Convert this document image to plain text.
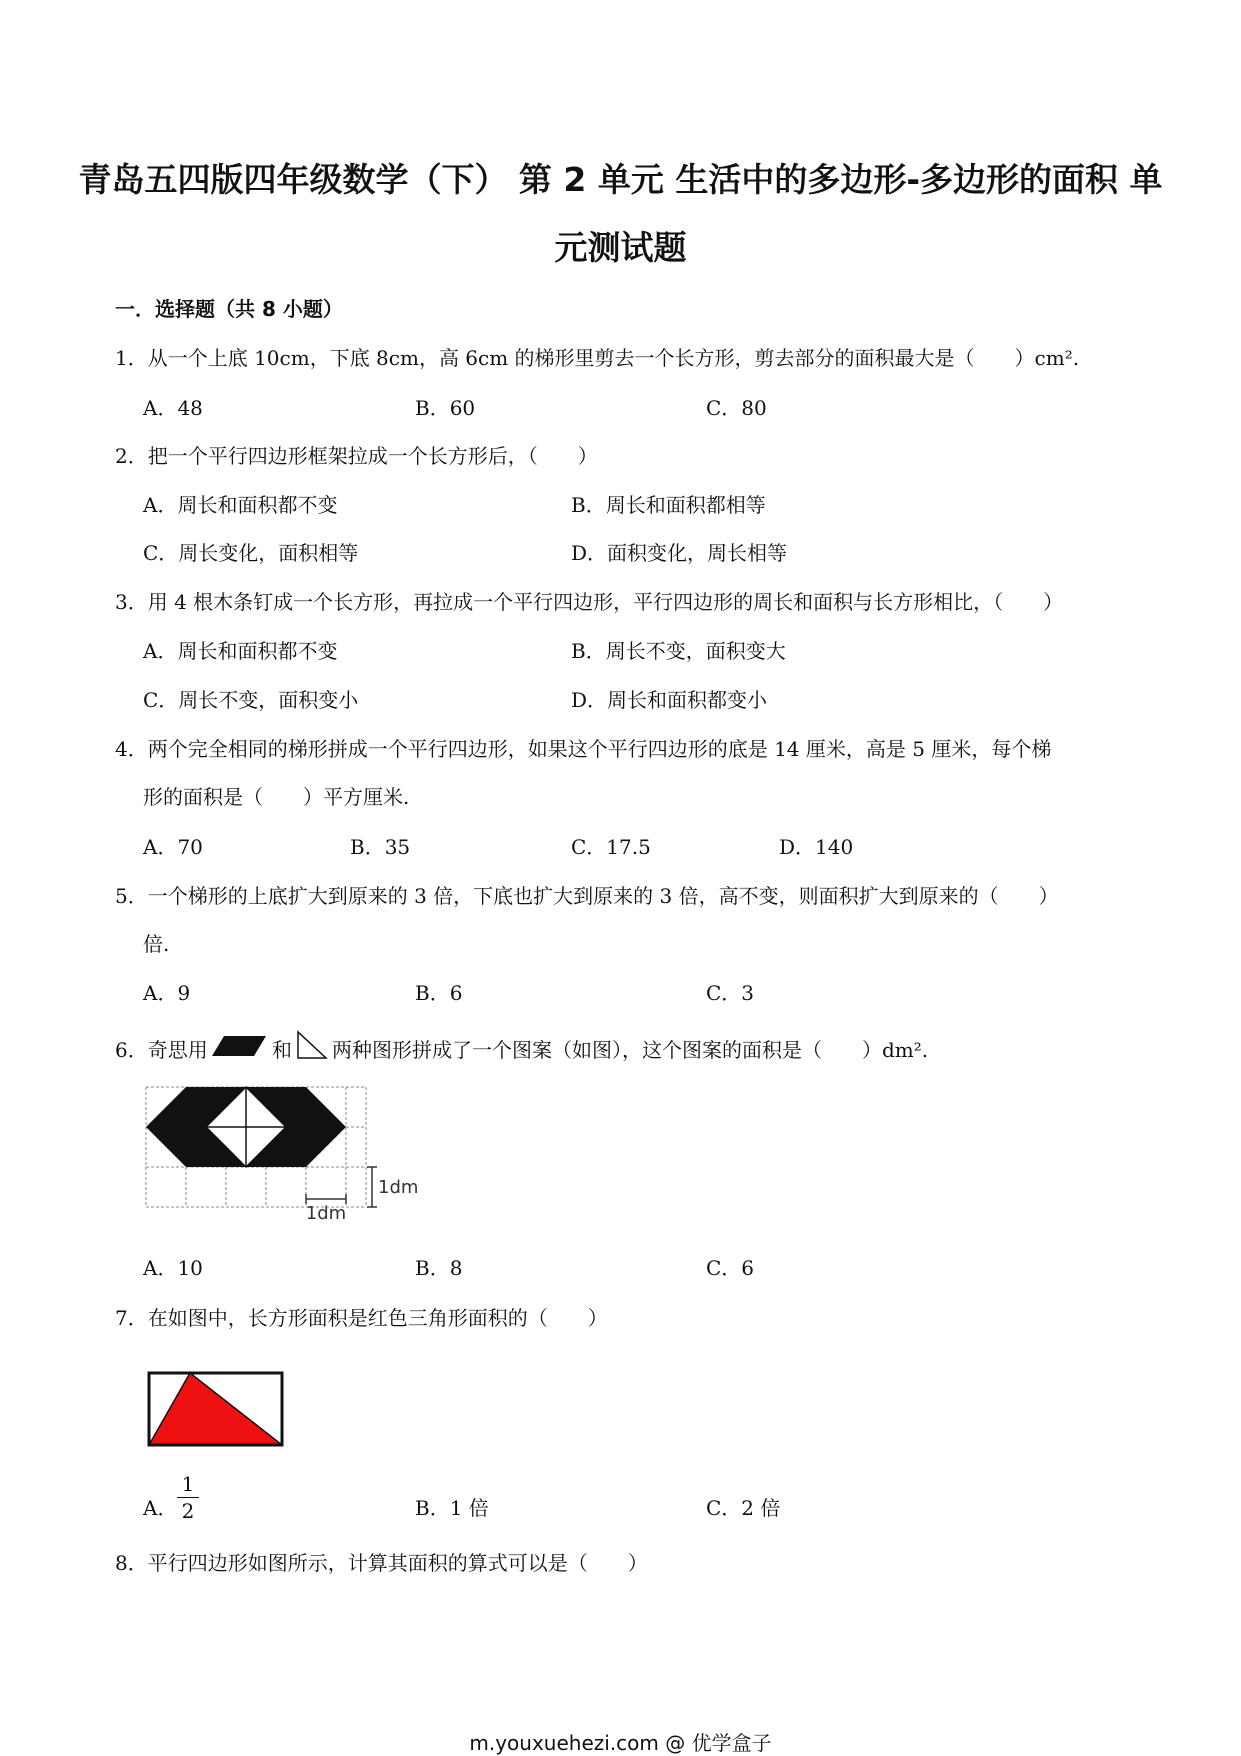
青岛五四版四年级数学（下） 第 2 单元 生活中的多边形-多边形的面积 单
元测试题
一．选择题（共 8 小题）
1．从一个上底 10cm，下底 8cm，高 6cm 的梯形里剪去一个长方形，剪去部分的面积最大是（　　）cm².
A．48	B．60	C．80
2．把一个平行四边形框架拉成一个长方形后，（　　）
A．周长和面积都不变	B．周长和面积都相等
C．周长变化，面积相等	D．面积变化，周长相等
3．用 4 根木条钉成一个长方形，再拉成一个平行四边形，平行四边形的周长和面积与长方形相比，（　　）
A．周长和面积都不变	B．周长不变，面积变大
C．周长不变，面积变小	D．周长和面积都变小
4．两个完全相同的梯形拼成一个平行四边形，如果这个平行四边形的底是 14 厘米，高是 5 厘米，每个梯
形的面积是（　　）平方厘米.
A．70	B．35	C．17.5	D．140
5．一个梯形的上底扩大到原来的 3 倍，下底也扩大到原来的 3 倍，高不变，则面积扩大到原来的（　　）
倍.
A．9	B．6	C．3
6．奇思用	和 两种图形拼成了一个图案（如图），这个图案的面积是（　　）dm².
1dm
1dm
A．10	B．8	C．6
7．在如图中，长方形面积是红色三角形面积的（　　）
A．
1
2	B．1 倍	C．2 倍
8．平行四边形如图所示，计算其面积的算式可以是（　　）
m.youxuehezi.com @ 优学盒子
